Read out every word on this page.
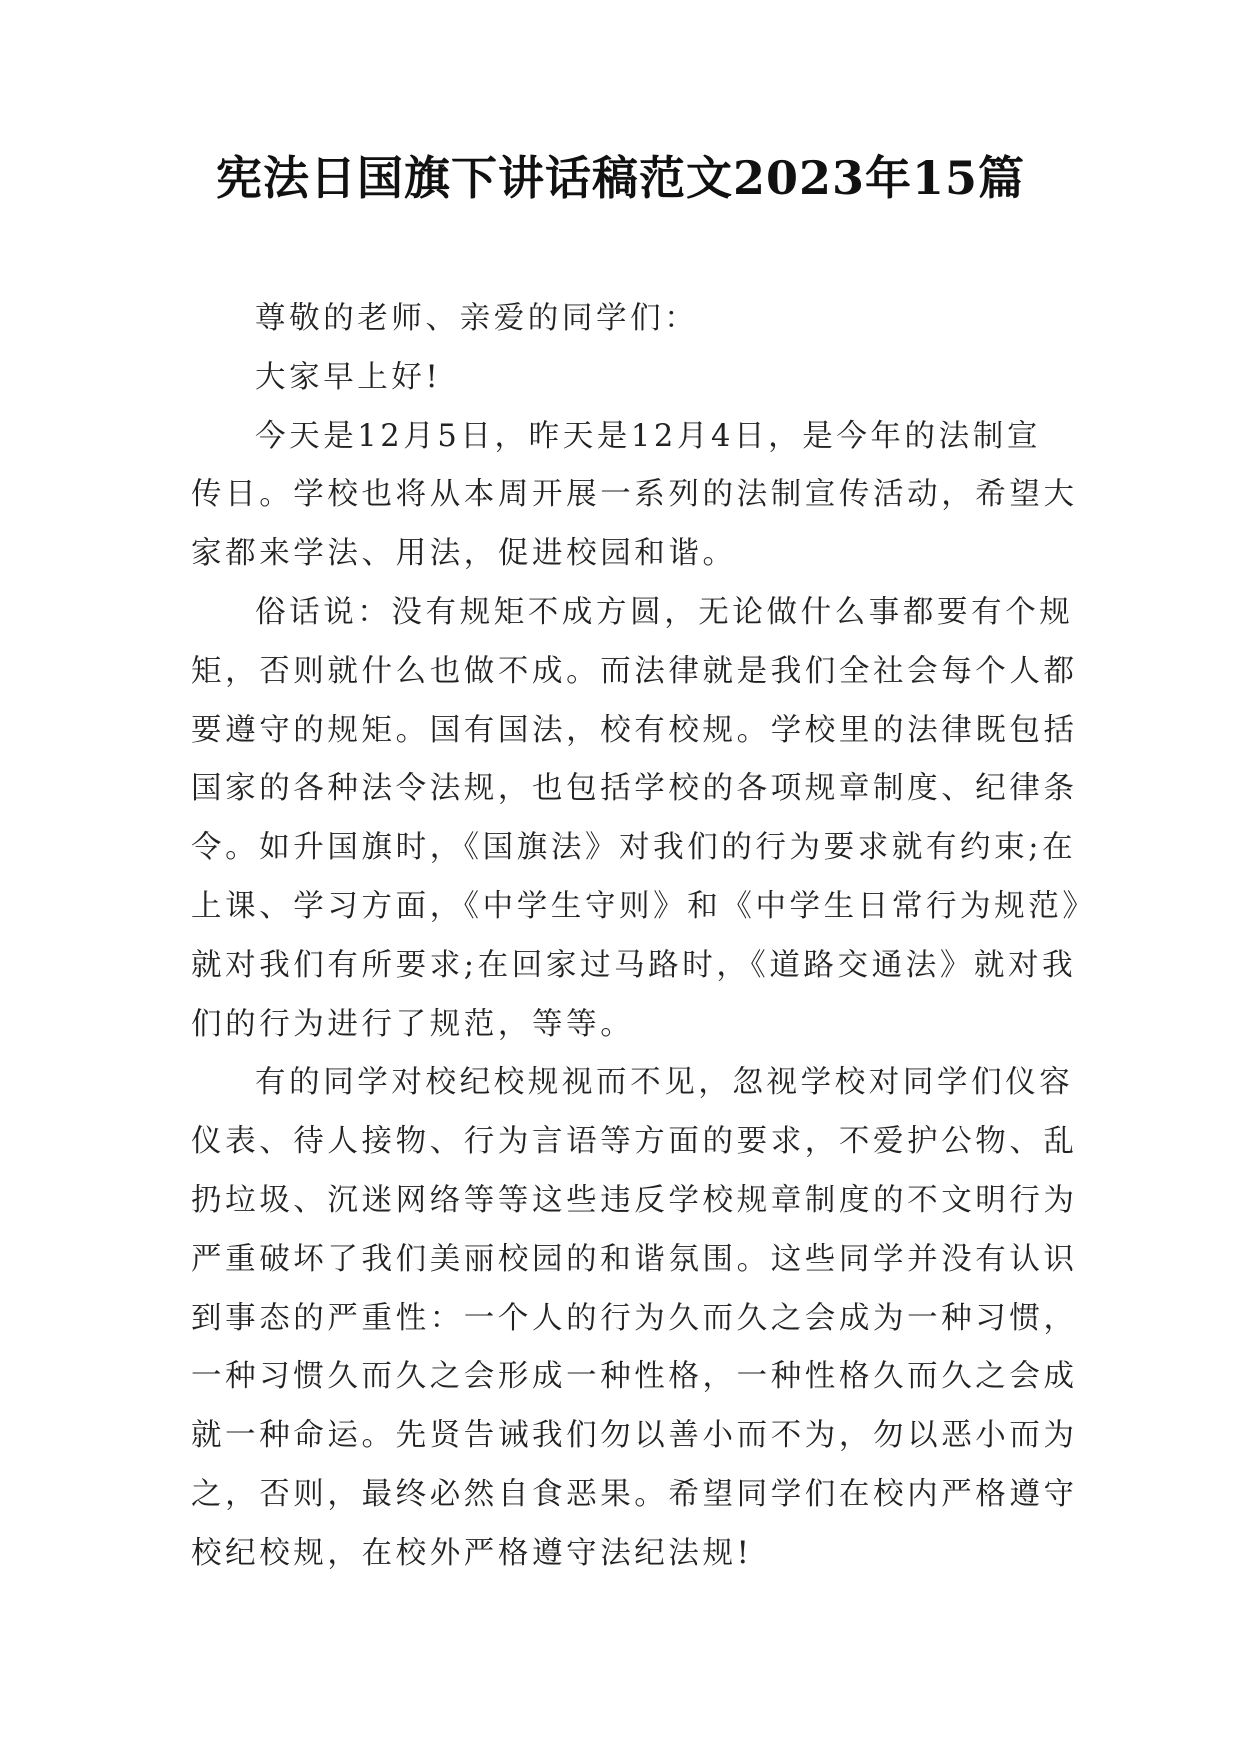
宪法日国旗下讲话稿范文2023年15篇
尊敬的老师、亲爱的同学们：
大家早上好!
今天是12月5日，昨天是12月4日，是今年的法制宣
传日。学校也将从本周开展一系列的法制宣传活动，希望大
家都来学法、用法，促进校园和谐。
俗话说：没有规矩不成方圆，无论做什么事都要有个规
矩，否则就什么也做不成。而法律就是我们全社会每个人都
要遵守的规矩。国有国法，校有校规。学校里的法律既包括
国家的各种法令法规，也包括学校的各项规章制度、纪律条
令。如升国旗时，《国旗法》对我们的行为要求就有约束;在
上课、学习方面，《中学生守则》和《中学生日常行为规范》
就对我们有所要求;在回家过马路时，《道路交通法》就对我
们的行为进行了规范，等等。
有的同学对校纪校规视而不见，忽视学校对同学们仪容
仪表、待人接物、行为言语等方面的要求，不爱护公物、乱
扔垃圾、沉迷网络等等这些违反学校规章制度的不文明行为
严重破坏了我们美丽校园的和谐氛围。这些同学并没有认识
到事态的严重性：一个人的行为久而久之会成为一种习惯，
一种习惯久而久之会形成一种性格，一种性格久而久之会成
就一种命运。先贤告诫我们勿以善小而不为，勿以恶小而为
之，否则，最终必然自食恶果。希望同学们在校内严格遵守
校纪校规，在校外严格遵守法纪法规!
